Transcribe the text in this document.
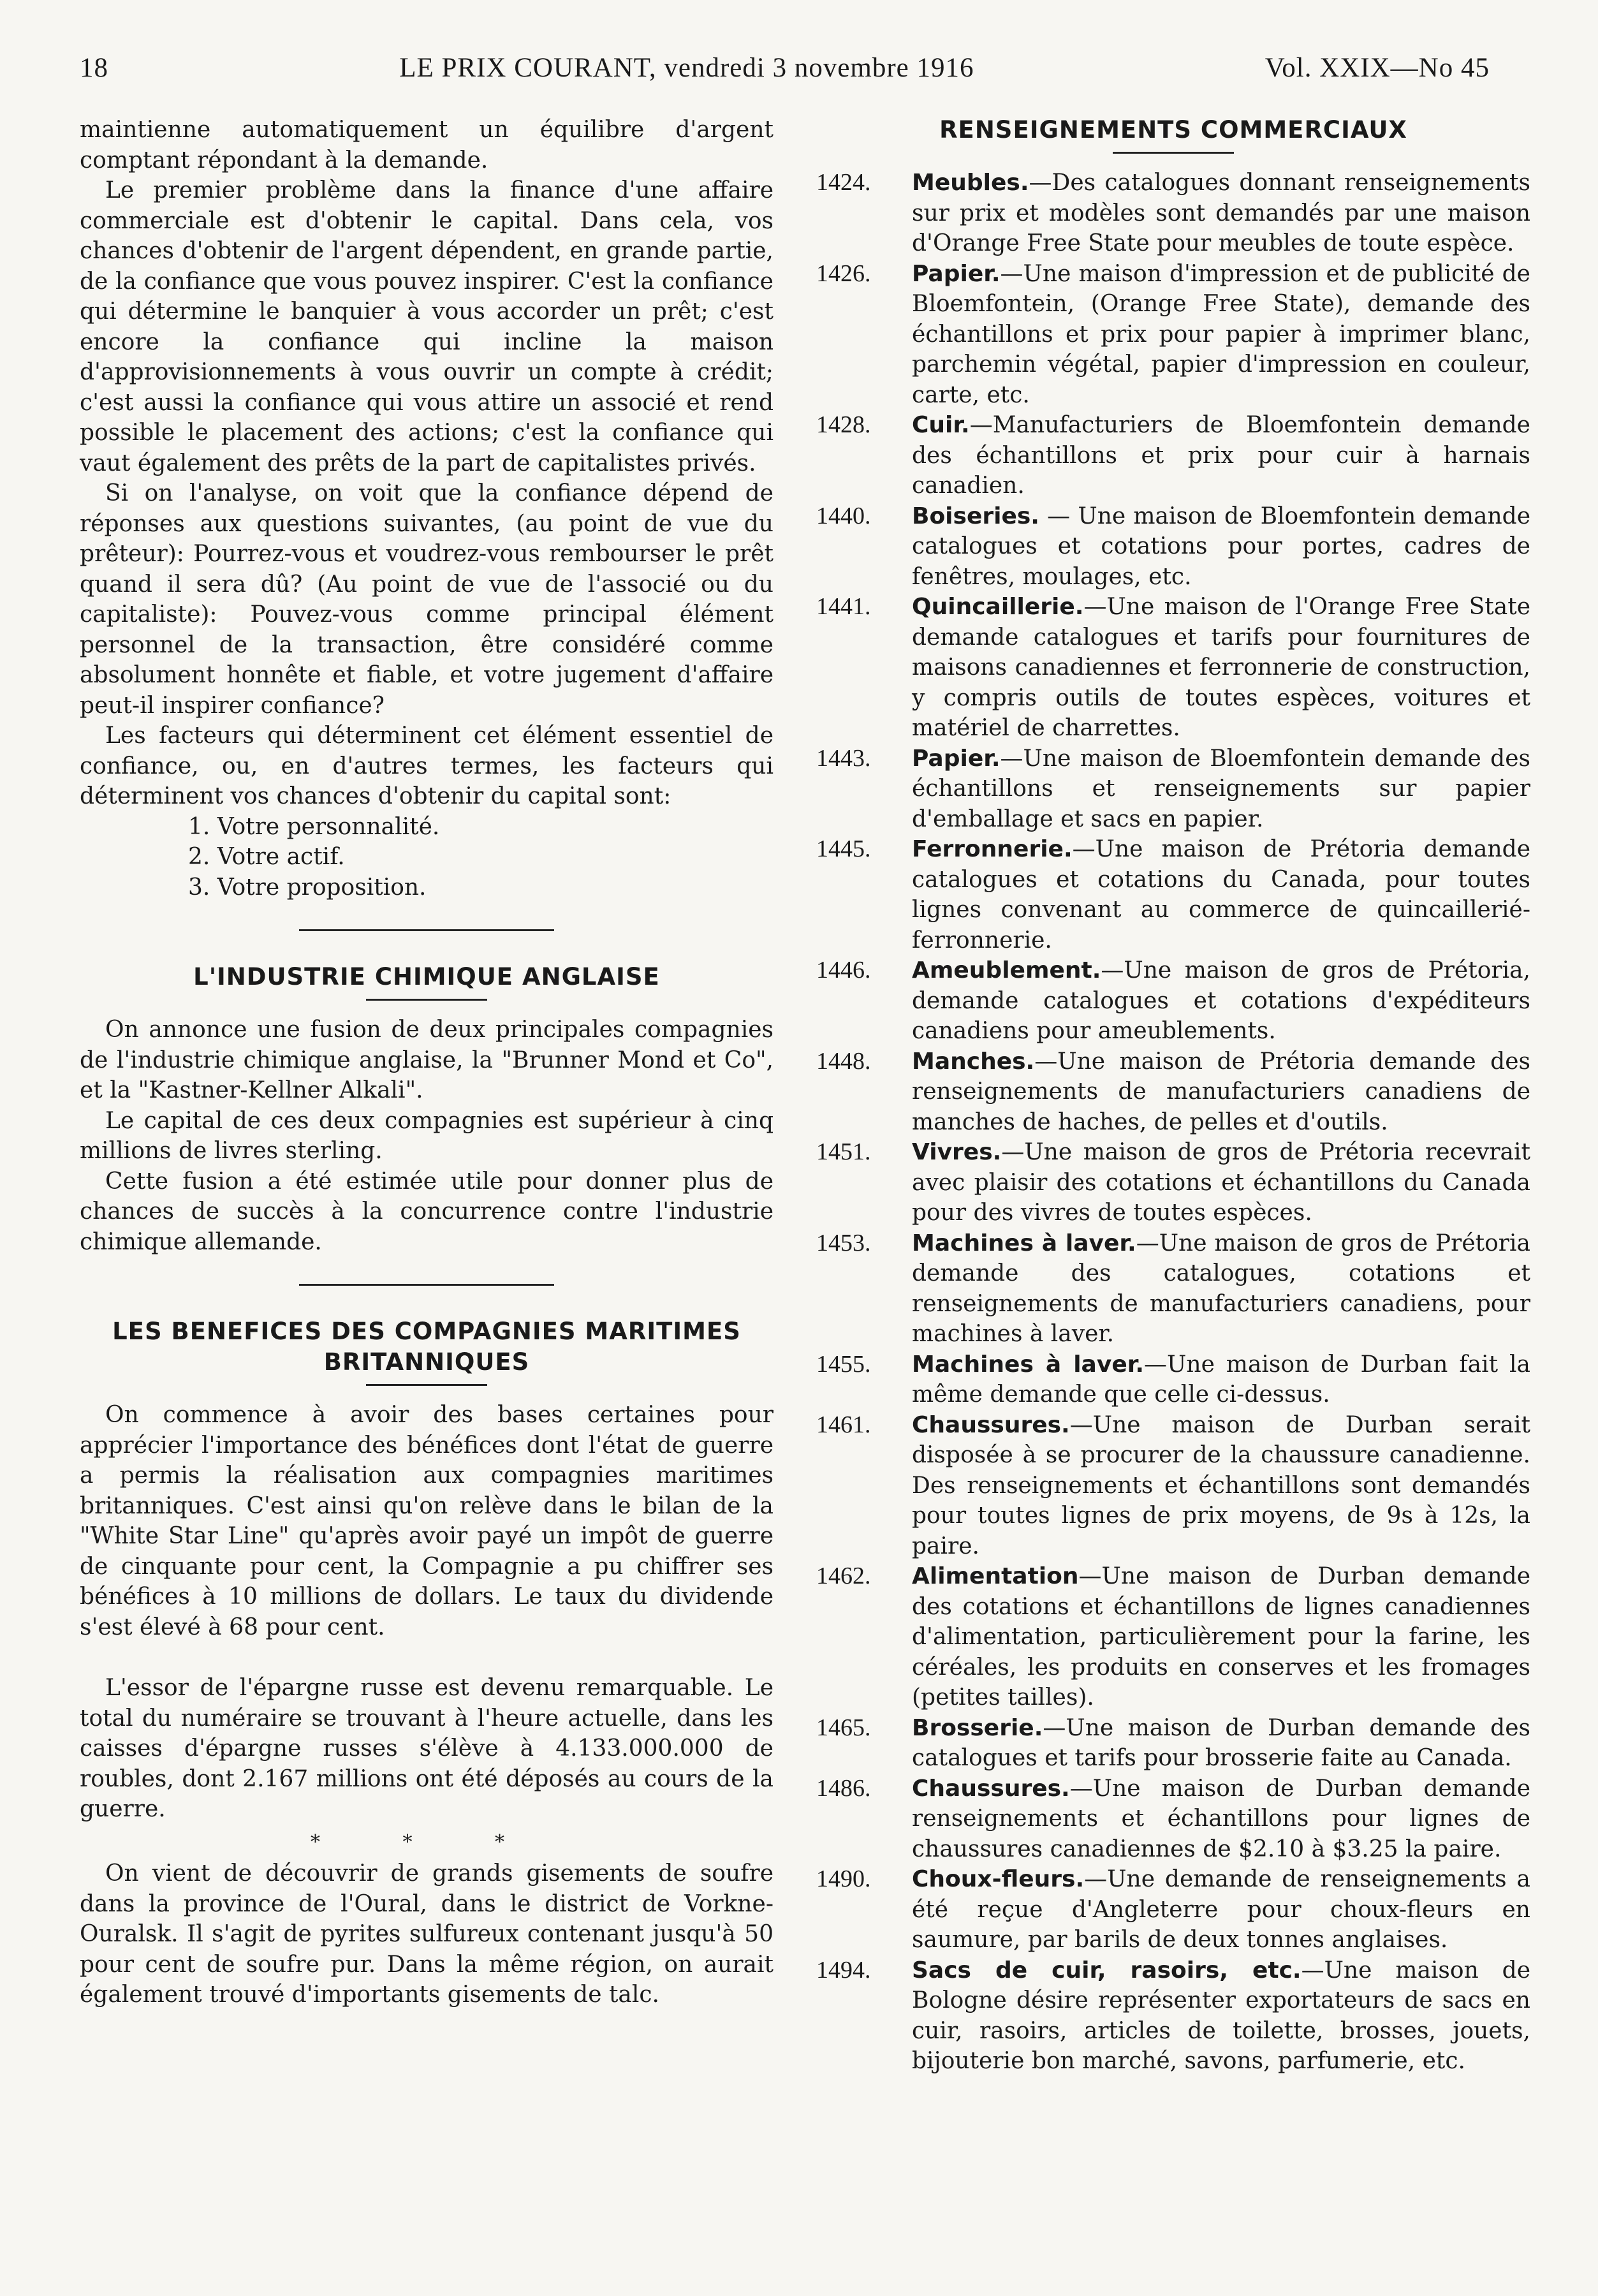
18	LE PRIX COURANT, vendredi 3 novembre 1916	Vol. XXIX—No 45

maintienne automatiquement un équilibre d'argent comptant répondant à la demande.

Le premier problème dans la finance d'une affaire commerciale est d'obtenir le capital. Dans cela, vos chances d'obtenir de l'argent dépendent, en grande partie, de la confiance que vous pouvez inspirer. C'est la confiance qui détermine le banquier à vous accorder un prêt; c'est encore la confiance qui incline la maison d'approvisionnements à vous ouvrir un compte à crédit; c'est aussi la confiance qui vous attire un associé et rend possible le placement des actions; c'est la confiance qui vaut également des prêts de la part de capitalistes privés.

Si on l'analyse, on voit que la confiance dépend de réponses aux questions suivantes, (au point de vue du prêteur): Pourrez-vous et voudrez-vous rembourser le prêt quand il sera dû? (Au point de vue de l'associé ou du capitaliste): Pouvez-vous comme principal élément personnel de la transaction, être considéré comme absolument honnête et fiable, et votre jugement d'affaire peut-il inspirer confiance?

Les facteurs qui déterminent cet élément essentiel de confiance, ou, en d'autres termes, les facteurs qui déterminent vos chances d'obtenir du capital sont:

1. Votre personnalité.

2. Votre actif.

3. Votre proposition.

L'INDUSTRIE CHIMIQUE ANGLAISE

On annonce une fusion de deux principales compagnies de l'industrie chimique anglaise, la "Brunner Mond et Co", et la "Kastner-Kellner Alkali".

Le capital de ces deux compagnies est supérieur à cinq millions de livres sterling.

Cette fusion a été estimée utile pour donner plus de chances de succès à la concurrence contre l'industrie chimique allemande.

LES BENEFICES DES COMPAGNIES MARITIMES
BRITANNIQUES

On commence à avoir des bases certaines pour apprécier l'importance des bénéfices dont l'état de guerre a permis la réalisation aux compagnies maritimes britanniques. C'est ainsi qu'on relève dans le bilan de la "White Star Line" qu'après avoir payé un impôt de guerre de cinquante pour cent, la Compagnie a pu chiffrer ses bénéfices à 10 millions de dollars. Le taux du dividende s'est élevé à 68 pour cent.

L'essor de l'épargne russe est devenu remarquable. Le total du numéraire se trouvant à l'heure actuelle, dans les caisses d'épargne russes s'élève à 4.133.000.000 de roubles, dont 2.167 millions ont été déposés au cours de la guerre.

* * *

On vient de découvrir de grands gisements de soufre dans la province de l'Oural, dans le district de Vorkne-Ouralsk. Il s'agit de pyrites sulfureux contenant jusqu'à 50 pour cent de soufre pur. Dans la même région, on aurait également trouvé d'importants gisements de talc.

RENSEIGNEMENTS COMMERCIAUX
1424.	Meubles.—Des catalogues donnant renseignements sur prix et modèles sont demandés par une maison d'Orange Free State pour meubles de toute espèce.
1426.	Papier.—Une maison d'impression et de publicité de Bloemfontein, (Orange Free State), demande des échantillons et prix pour papier à imprimer blanc, parchemin végétal, papier d'impression en couleur, carte, etc.
1428.	Cuir.—Manufacturiers de Bloemfontein demande des échantillons et prix pour cuir à harnais canadien.
1440.	Boiseries. — Une maison de Bloemfontein demande catalogues et cotations pour portes, cadres de fenêtres, moulages, etc.
1441.	Quincaillerie.—Une maison de l'Orange Free State demande catalogues et tarifs pour fournitures de maisons canadiennes et ferronnerie de construction, y compris outils de toutes espèces, voitures et matériel de charrettes.
1443.	Papier.—Une maison de Bloemfontein demande des échantillons et renseignements sur papier d'emballage et sacs en papier.
1445.	Ferronnerie.—Une maison de Prétoria demande catalogues et cotations du Canada, pour toutes lignes convenant au commerce de quincaillerié-ferronnerie.
1446.	Ameublement.—Une maison de gros de Prétoria, demande catalogues et cotations d'expéditeurs canadiens pour ameublements.
1448.	Manches.—Une maison de Prétoria demande des renseignements de manufacturiers canadiens de manches de haches, de pelles et d'outils.
1451.	Vivres.—Une maison de gros de Prétoria recevrait avec plaisir des cotations et échantillons du Canada pour des vivres de toutes espèces.
1453.	Machines à laver.—Une maison de gros de Prétoria demande des catalogues, cotations et renseignements de manufacturiers canadiens, pour machines à laver.
1455.	Machines à laver.—Une maison de Durban fait la même demande que celle ci-dessus.
1461.	Chaussures.—Une maison de Durban serait disposée à se procurer de la chaussure canadienne. Des renseignements et échantillons sont demandés pour toutes lignes de prix moyens, de 9s à 12s, la paire.
1462.	Alimentation—Une maison de Durban demande des cotations et échantillons de lignes canadiennes d'alimentation, particulièrement pour la farine, les céréales, les produits en conserves et les fromages (petites tailles).
1465.	Brosserie.—Une maison de Durban demande des catalogues et tarifs pour brosserie faite au Canada.
1486.	Chaussures.—Une maison de Durban demande renseignements et échantillons pour lignes de chaussures canadiennes de $2.10 à $3.25 la paire.
1490.	Choux-fleurs.—Une demande de renseignements a été reçue d'Angleterre pour choux-fleurs en saumure, par barils de deux tonnes anglaises.
1494.	Sacs de cuir, rasoirs, etc.—Une maison de Bologne désire représenter exportateurs de sacs en cuir, rasoirs, articles de toilette, brosses, jouets, bijouterie bon marché, savons, parfumerie, etc.
